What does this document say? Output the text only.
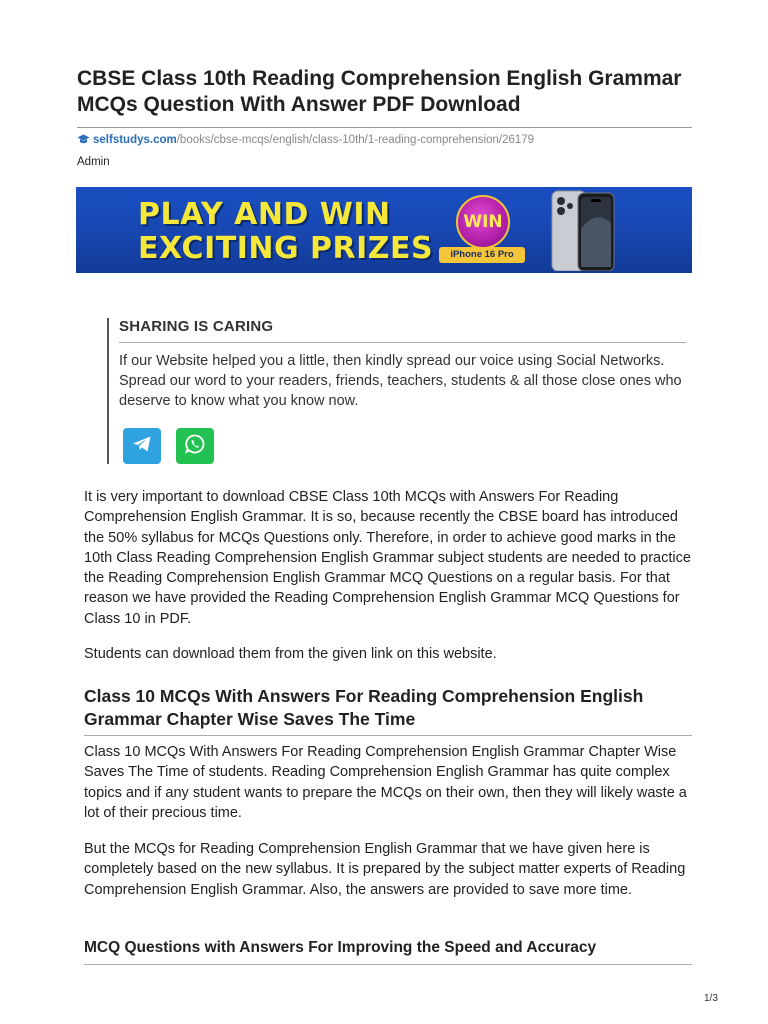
CBSE Class 10th Reading Comprehension English Grammar MCQs Question With Answer PDF Download
selfstudys.com/books/cbse-mcqs/english/class-10th/1-reading-comprehension/26179
Admin
PLAY AND WIN
EXCITING PRIZES
WIN
iPhone 16 Pro
SHARING IS CARING

If our Website helped you a little, then kindly spread our voice using Social Networks. Spread our word to your readers, friends, teachers, students & all those close ones who deserve to know what you know now.

It is very important to download CBSE Class 10th MCQs with Answers For Reading Comprehension English Grammar. It is so, because recently the CBSE board has introduced the 50% syllabus for MCQs Questions only. Therefore, in order to achieve good marks in the 10th Class Reading Comprehension English Grammar subject students are needed to practice the Reading Comprehension English Grammar MCQ Questions on a regular basis. For that reason we have provided the Reading Comprehension English Grammar MCQ Questions for Class 10 in PDF.

Students can download them from the given link on this website.

Class 10 MCQs With Answers For Reading Comprehension English Grammar Chapter Wise Saves The Time

Class 10 MCQs With Answers For Reading Comprehension English Grammar Chapter Wise Saves The Time of students. Reading Comprehension English Grammar has quite complex topics and if any student wants to prepare the MCQs on their own, then they will likely waste a lot of their precious time.

But the MCQs for Reading Comprehension English Grammar that we have given here is completely based on the new syllabus. It is prepared by the subject matter experts of Reading Comprehension English Grammar. Also, the answers are provided to save more time.

MCQ Questions with Answers For Improving the Speed and Accuracy
1/3
